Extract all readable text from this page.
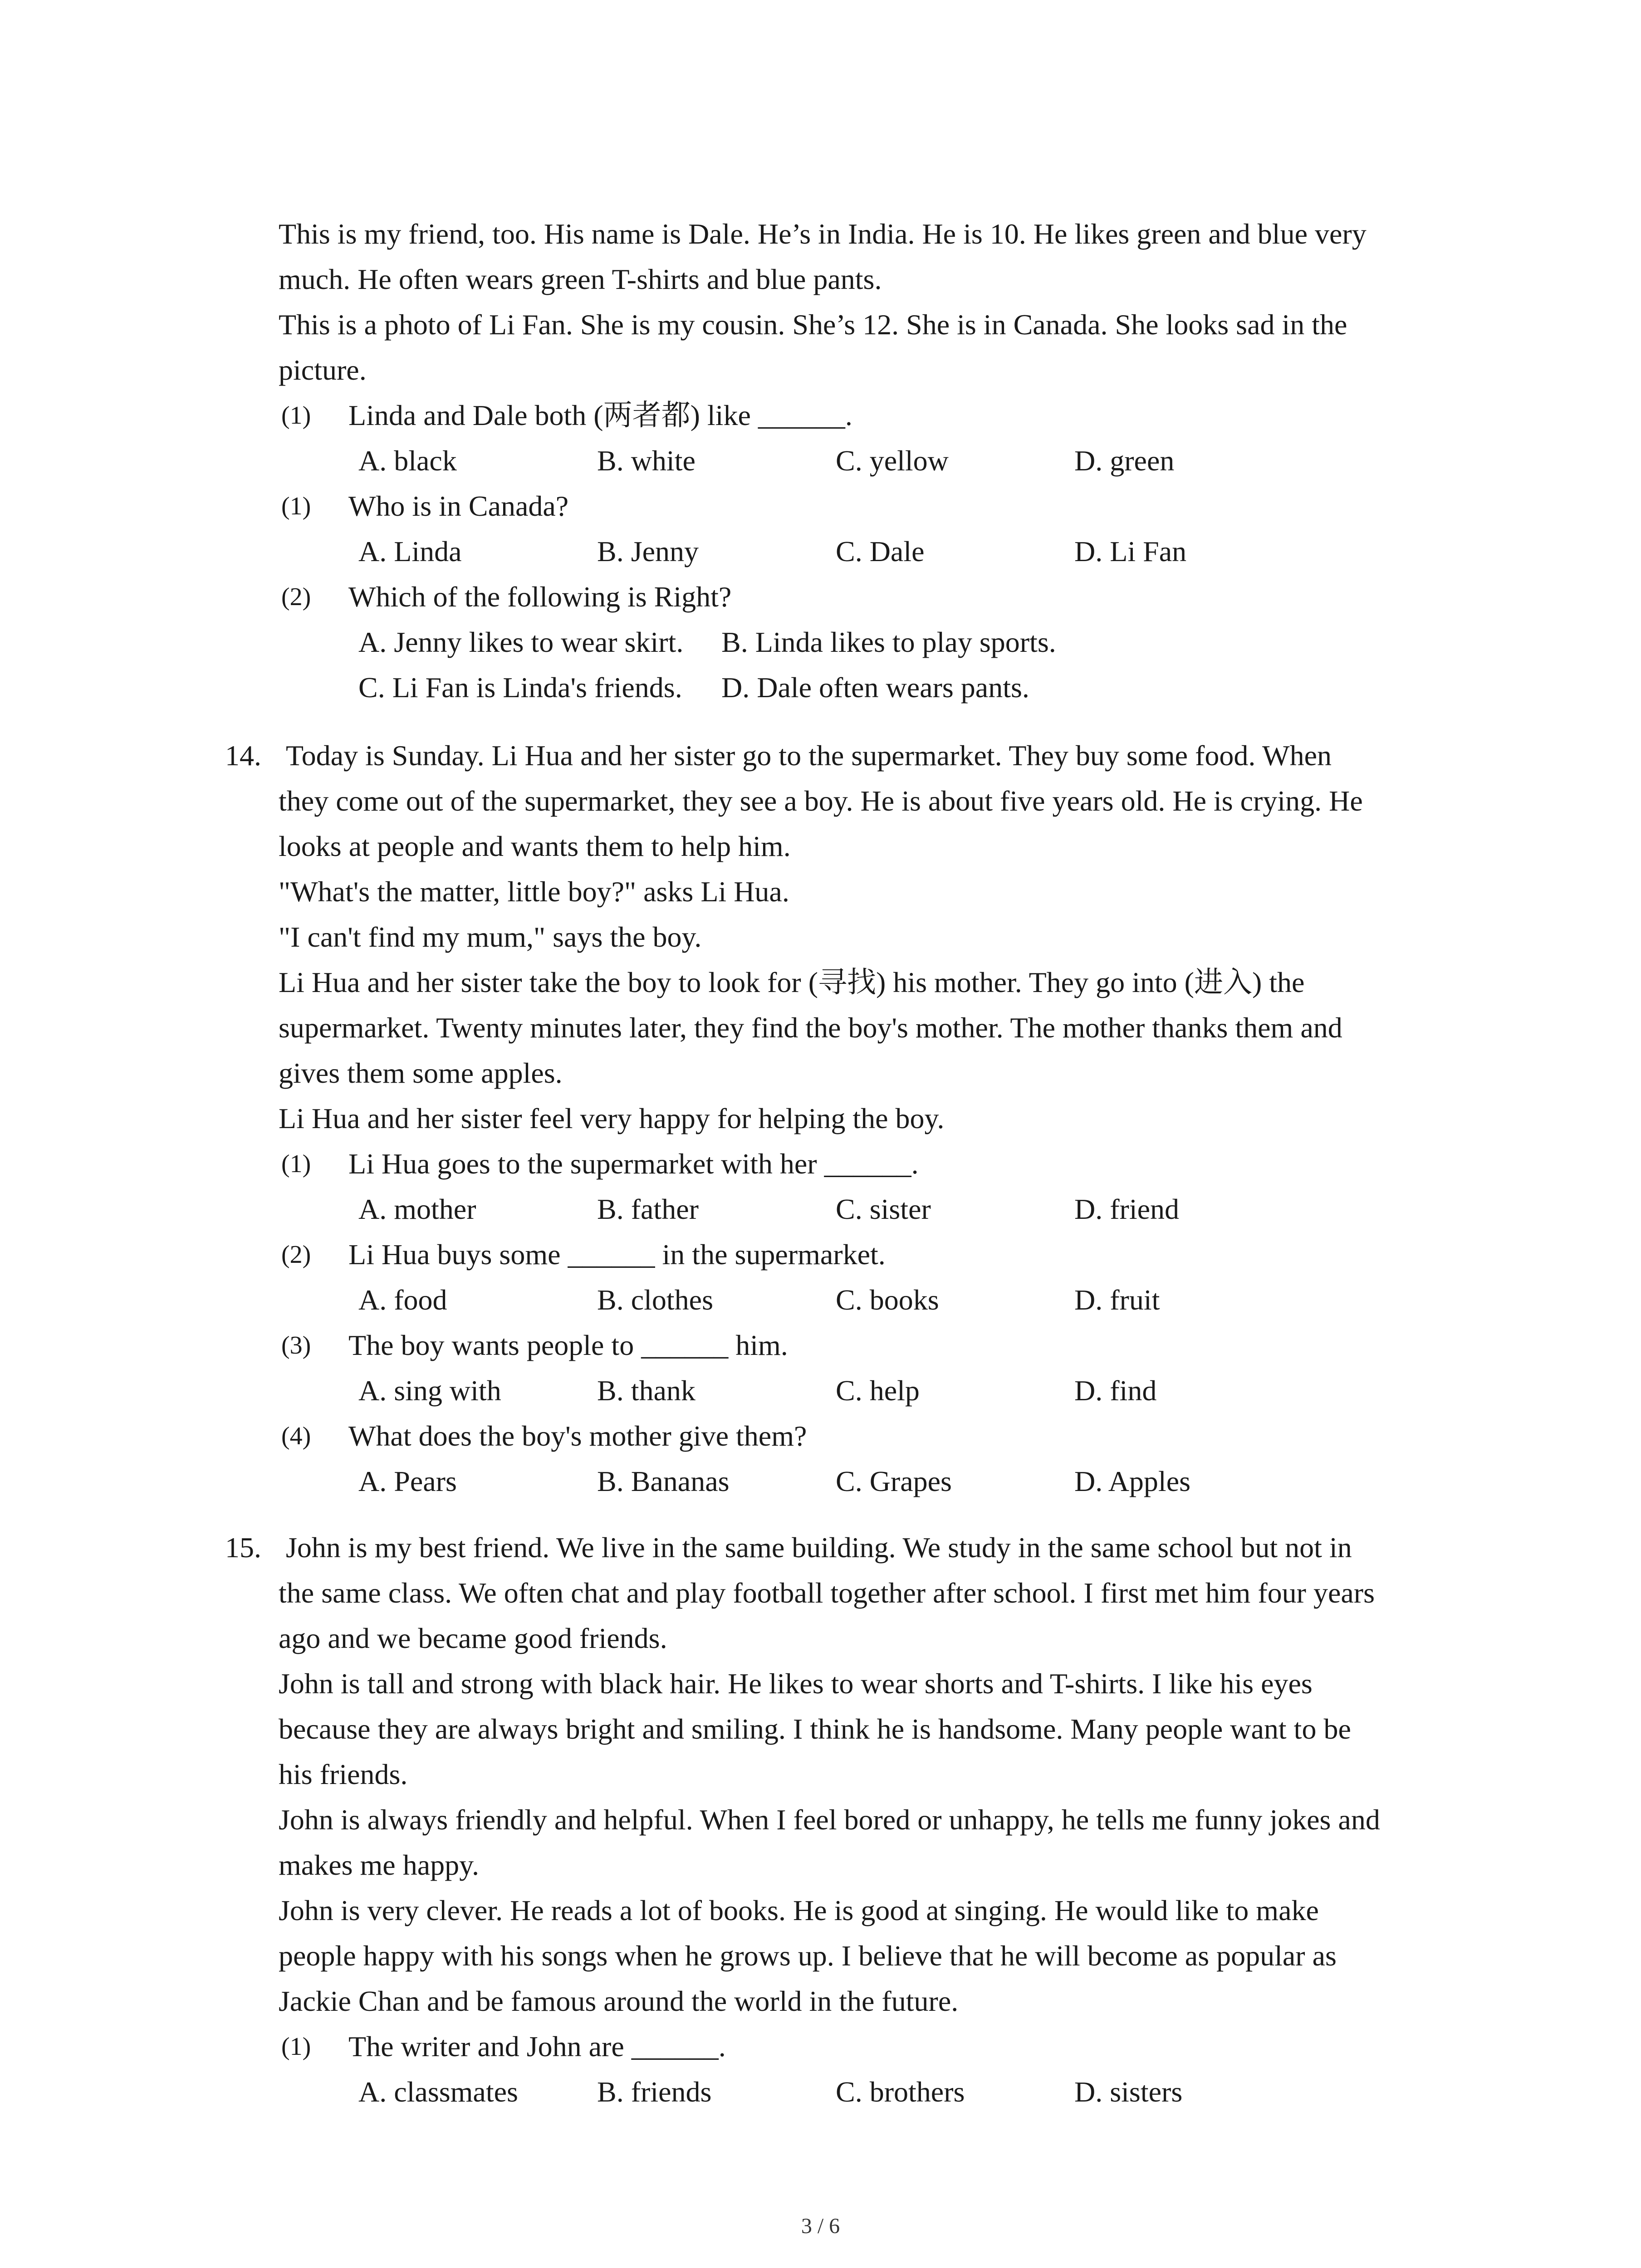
This is my friend, too. His name is Dale. He’s in India. He is 10. He likes green and blue very
much. He often wears green T-shirts and blue pants.
This is a photo of Li Fan. She is my cousin. She’s 12. She is in Canada. She looks sad in the
picture.
(1) Linda and Dale both (两者都) like ______.
A. black	B. white	C. yellow	D. green
(1) Who is in Canada?
A. Linda	B. Jenny	C. Dale	D. Li Fan
(2) Which of the following is Right?
A. Jenny likes to wear skirt. B. Linda likes to play sports.
C. Li Fan is Linda's friends. D. Dale often wears pants.
14. Today is Sunday. Li Hua and her sister go to the supermarket. They buy some food. When
they come out of the supermarket, they see a boy. He is about five years old. He is crying. He
looks at people and wants them to help him.
"What's the matter, little boy?" asks Li Hua.
"I can't find my mum," says the boy.
Li Hua and her sister take the boy to look for (寻找) his mother. They go into (进入) the
supermarket. Twenty minutes later, they find the boy's mother. The mother thanks them and
gives them some apples.
Li Hua and her sister feel very happy for helping the boy.
(1) Li Hua goes to the supermarket with her ______.
A. mother	B. father	C. sister	D. friend
(2) Li Hua buys some ______ in the supermarket.
A. food	B. clothes	C. books	D. fruit
(3) The boy wants people to ______ him.
A. sing with	B. thank	C. help	D. find
(4) What does the boy's mother give them?
A. Pears	B. Bananas	C. Grapes	D. Apples
15. John is my best friend. We live in the same building. We study in the same school but not in
the same class. We often chat and play football together after school. I first met him four years
ago and we became good friends.
John is tall and strong with black hair. He likes to wear shorts and T-shirts. I like his eyes
because they are always bright and smiling. I think he is handsome. Many people want to be
his friends.
John is always friendly and helpful. When I feel bored or unhappy, he tells me funny jokes and
makes me happy.
John is very clever. He reads a lot of books. He is good at singing. He would like to make
people happy with his songs when he grows up. I believe that he will become as popular as
Jackie Chan and be famous around the world in the future.
(1) The writer and John are ______.
A. classmates	B. friends	C. brothers	D. sisters
3 / 6
